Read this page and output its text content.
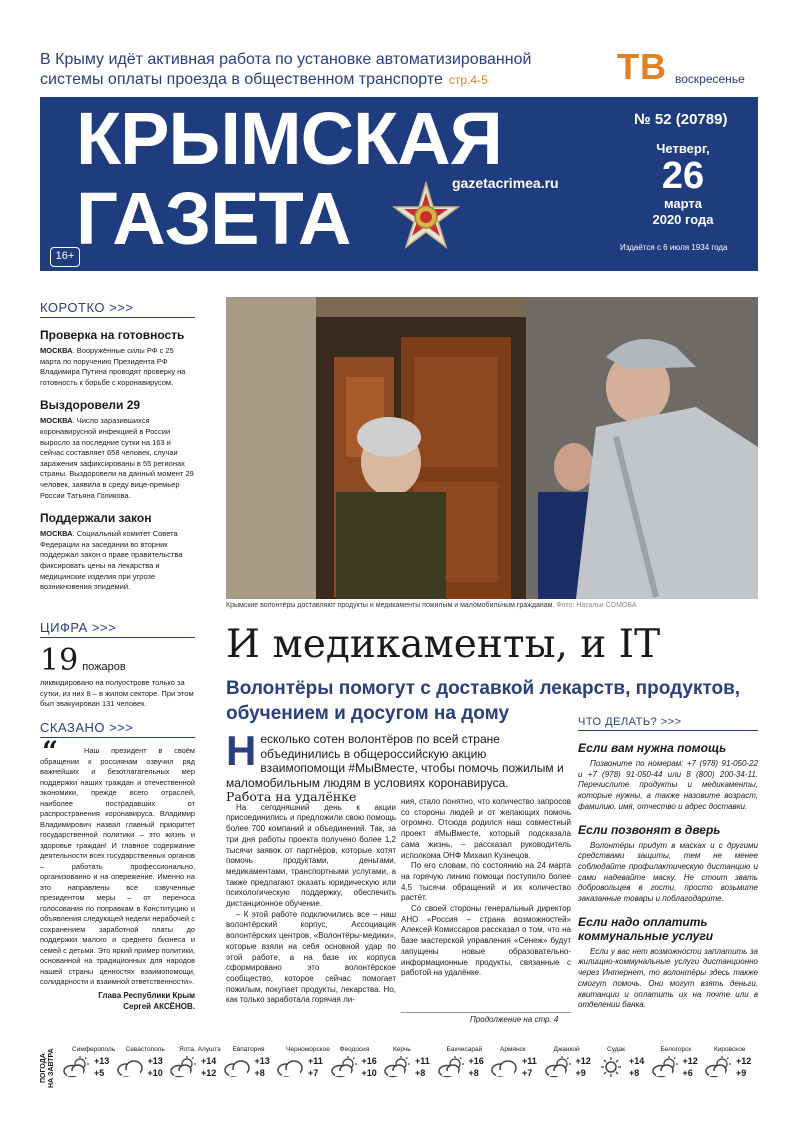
В Крыму идёт активная работа по установке автоматизированной системы оплаты проезда в общественном транспорте стр.4-5	ТВ воскресенье
КРЫМСКАЯ
ГАЗЕТА	gazetacrimea.ru
№ 52 (20789)
Четверг,
26
марта
2020 года
Издаётся с 6 июля 1934 года
16+
КОРОТКО >>>
Проверка на готовность
МОСКВА. Вооружённые силы РФ с 25 марта по поручению Президента РФ Владимира Путина проводят проверку на готовность к борьбе с коронавирусом.
Выздоровели 29
МОСКВА. Число заразившихся коронавирусной инфекцией в России выросло за последние сутки на 163 и сейчас составляет 658 человек, случаи заражения зафиксированы в 55 регионах страны. Выздоровели на данный момент 29 человек, заявила в среду вице-премьер России Татьяна Голикова.
Поддержали закон
МОСКВА. Социальный комитет Совета Федерации на заседании во вторник поддержал закон о праве правительства фиксировать цены на лекарства и медицинские изделия при угрозе возникновения эпидемий.
ЦИФРА >>>
19 пожаров
ликвидировано на полуострове только за сутки, из них 8 – в жилом секторе. При этом был эвакуирован 131 человек.
СКАЗАНО >>>
“	Наш президент в своём обращении к россиянам озвучил ряд важнейших и безотлагательных мер поддержки наших граждан и отечественной экономики, прежде всего отраслей, наиболее пострадавших от распространения коронавируса. Владимир Владимирович назвал главный приоритет государственной политики – это жизнь и здоровье граждан! И главное содержание деятельности всех государственных органов – работать профессионально, организованно и на опережение. Именно на это направлены все озвученные президентом меры – от переноса голосования по поправкам в Конституцию и объявления следующей недели нерабочей с сохранением заработной платы до поддержки малого и среднего бизнеса и семей с детьми. Это яркий пример политики, основанной на традиционных для народов нашей страны ценностях взаимопомощи, солидарности и взаимной ответственности».
Глава Республики Крым
Сергей АКСЁНОВ.
Крымские волонтёры доставляют продукты и медикаменты пожилым и маломобильным гражданам. Фото: Натальи СОМОВА
И медикаменты, и IT
Волонтёры помогут с доставкой лекарств, продуктов, обучением и досугом на дому
Несколько сотен волонтёров по всей стране объединились в общероссийскую акцию взаимопомощи #МыВместе, чтобы помочь пожилым и маломобильным людям в условиях коронавируса.

Работа на удалёнке

На сегодняшний день к акции присоединились и предложили свою помощь более 700 компаний и объединений. Так, за три дня работы проекта получено более 1,2 тысячи заявок от партнёров, которые хотят помочь продуктами, деньгами, медикаментами, транспортными услугами, а также предлагают оказать юридическую или психологическую поддержку, обеспечить дистанционное обучение.

– К этой работе подключились все – наш волонтёрский корпус, Ассоциация волонтёрских центров, «Волонтёры-медики», которые взяли на себя основной удар по этой работе, а на базе их корпуса сформировано это волонтёрское сообщество, которое сейчас помогает пожилым, покупает продукты, лекарства. Но, как только заработала горячая ли-

ния, стало понятно, что количество запросов со стороны людей и от желающих помочь огромно. Отсюда родился наш совместный проект #МыВместе, который подсказала сама жизнь, – рассказал руководитель исполкома ОНФ Михаил Кузнецов.

По его словам, по состоянию на 24 марта на горячую линию помощи поступило более 4,5 тысячи обращений и их количество растёт.

Со своей стороны генеральный директор АНО «Россия – страна возможностей» Алексей Комиссаров рассказал о том, что на базе мастерской управления «Сенеж» будут запущены новые образовательно-информационные продукты, связанные с работой на удалёнке.

Продолжение на стр. 4
ЧТО ДЕЛАТЬ? >>>
Если вам нужна помощь
Позвоните по номерам: +7 (978) 91-050-22 и +7 (978) 91-050-44 или 8 (800) 200-34-11. Перечислите продукты и медикаменты, которые нужны, а также назовите возраст, фамилию, имя, отчество и адрес доставки.
Если позвонят в дверь
Волонтёры придут в масках и с другими средствами защиты, тем не менее соблюдайте профилактическую дистанцию и сами надевайте маску. Не стоит звать добровольцев в гости, просто возьмите заказанные товары и поблагодарите.
Если надо оплатить коммунальные услуги
Если у вас нет возможности заплатить за жилищно-коммунальные услуги дистанционно через Интернет, то волонтёры здесь также смогут помочь. Они могут взять деньги, квитанции и оплатить их на почте или в отделении банка.
ПОГОДА НА ЗАВТРА	Симферополь
+13
+5
Севастополь
+13
+10
Ялта, Алушта
+14
+12
Евпатория
+13
+8
Черноморское
+11
+7
Феодосия
+16
+10
Керчь
+11
+8
Бахчисарай
+16
+8
Армянск
+11
+7
Джанкой
+12
+9
Судак
+14
+8
Белогорск
+12
+6
Кировское
+12
+9
